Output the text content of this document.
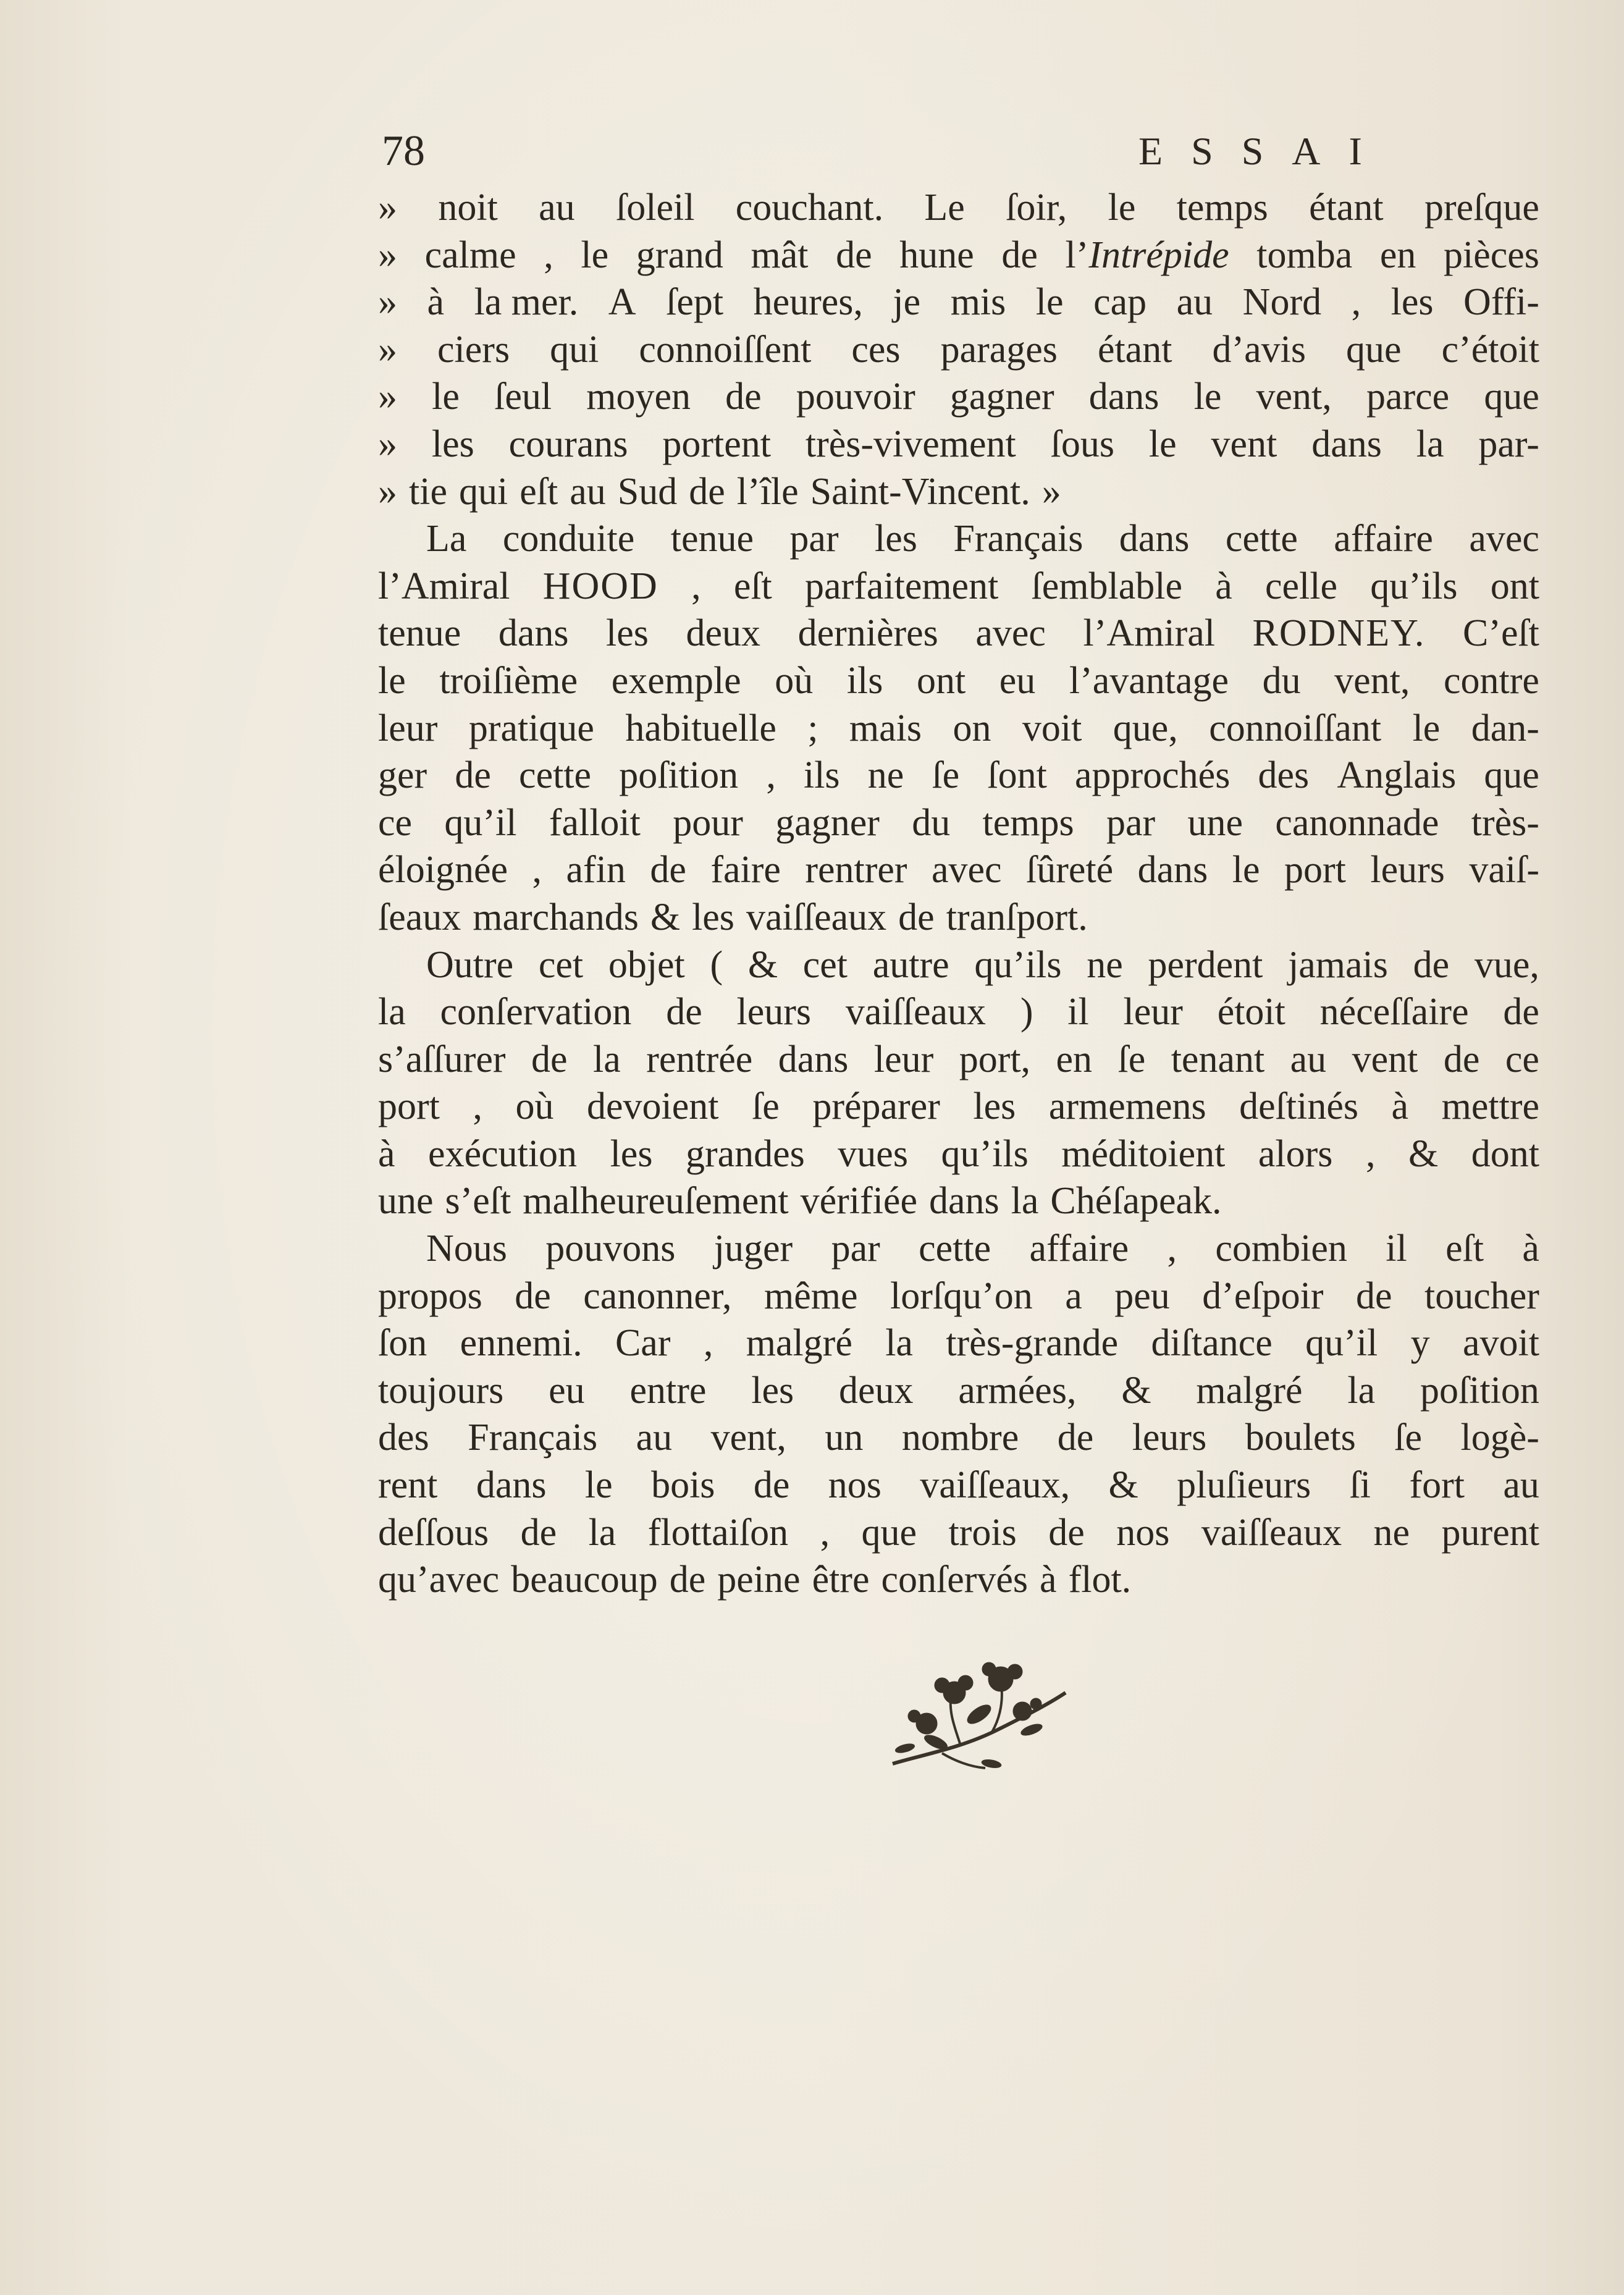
78	ESSAI
» noit au ſoleil couchant. Le ſoir, le temps étant preſque
» calme , le grand mât de hune de l’Intrépide tomba en pièces
» à la mer. A ſept heures, je mis le cap au Nord , les Offi-
» ciers qui connoiſſent ces parages étant d’avis que c’étoit
» le ſeul moyen de pouvoir gagner dans le vent, parce que
» les courans portent très-vivement ſous le vent dans la par-
» tie qui eſt au Sud de l’île Saint-Vincent. »
La conduite tenue par les Français dans cette affaire avec
l’Amiral HOOD , eſt parfaitement ſemblable à celle qu’ils ont
tenue dans les deux dernières avec l’Amiral RODNEY. C’eſt
le troiſième exemple où ils ont eu l’avantage du vent, contre
leur pratique habituelle ; mais on voit que, connoiſſant le dan-
ger de cette poſition , ils ne ſe ſont approchés des Anglais que
ce qu’il falloit pour gagner du temps par une canonnade très-
éloignée , afin de faire rentrer avec ſûreté dans le port leurs vaiſ-
ſeaux marchands & les vaiſſeaux de tranſport.
Outre cet objet ( & cet autre qu’ils ne perdent jamais de vue,
la conſervation de leurs vaiſſeaux ) il leur étoit néceſſaire de
s’aſſurer de la rentrée dans leur port, en ſe tenant au vent de ce
port , où devoient ſe préparer les armemens deſtinés à mettre
à exécution les grandes vues qu’ils méditoient alors , & dont
une s’eſt malheureuſement vérifiée dans la Chéſapeak.
Nous pouvons juger par cette affaire , combien il eſt à
propos de canonner, même lorſqu’on a peu d’eſpoir de toucher
ſon ennemi. Car , malgré la très-grande diſtance qu’il y avoit
toujours eu entre les deux armées, & malgré la poſition
des Français au vent, un nombre de leurs boulets ſe logè-
rent dans le bois de nos vaiſſeaux, & pluſieurs ſi fort au
deſſous de la flottaiſon , que trois de nos vaiſſeaux ne purent
qu’avec beaucoup de peine être conſervés à flot.
